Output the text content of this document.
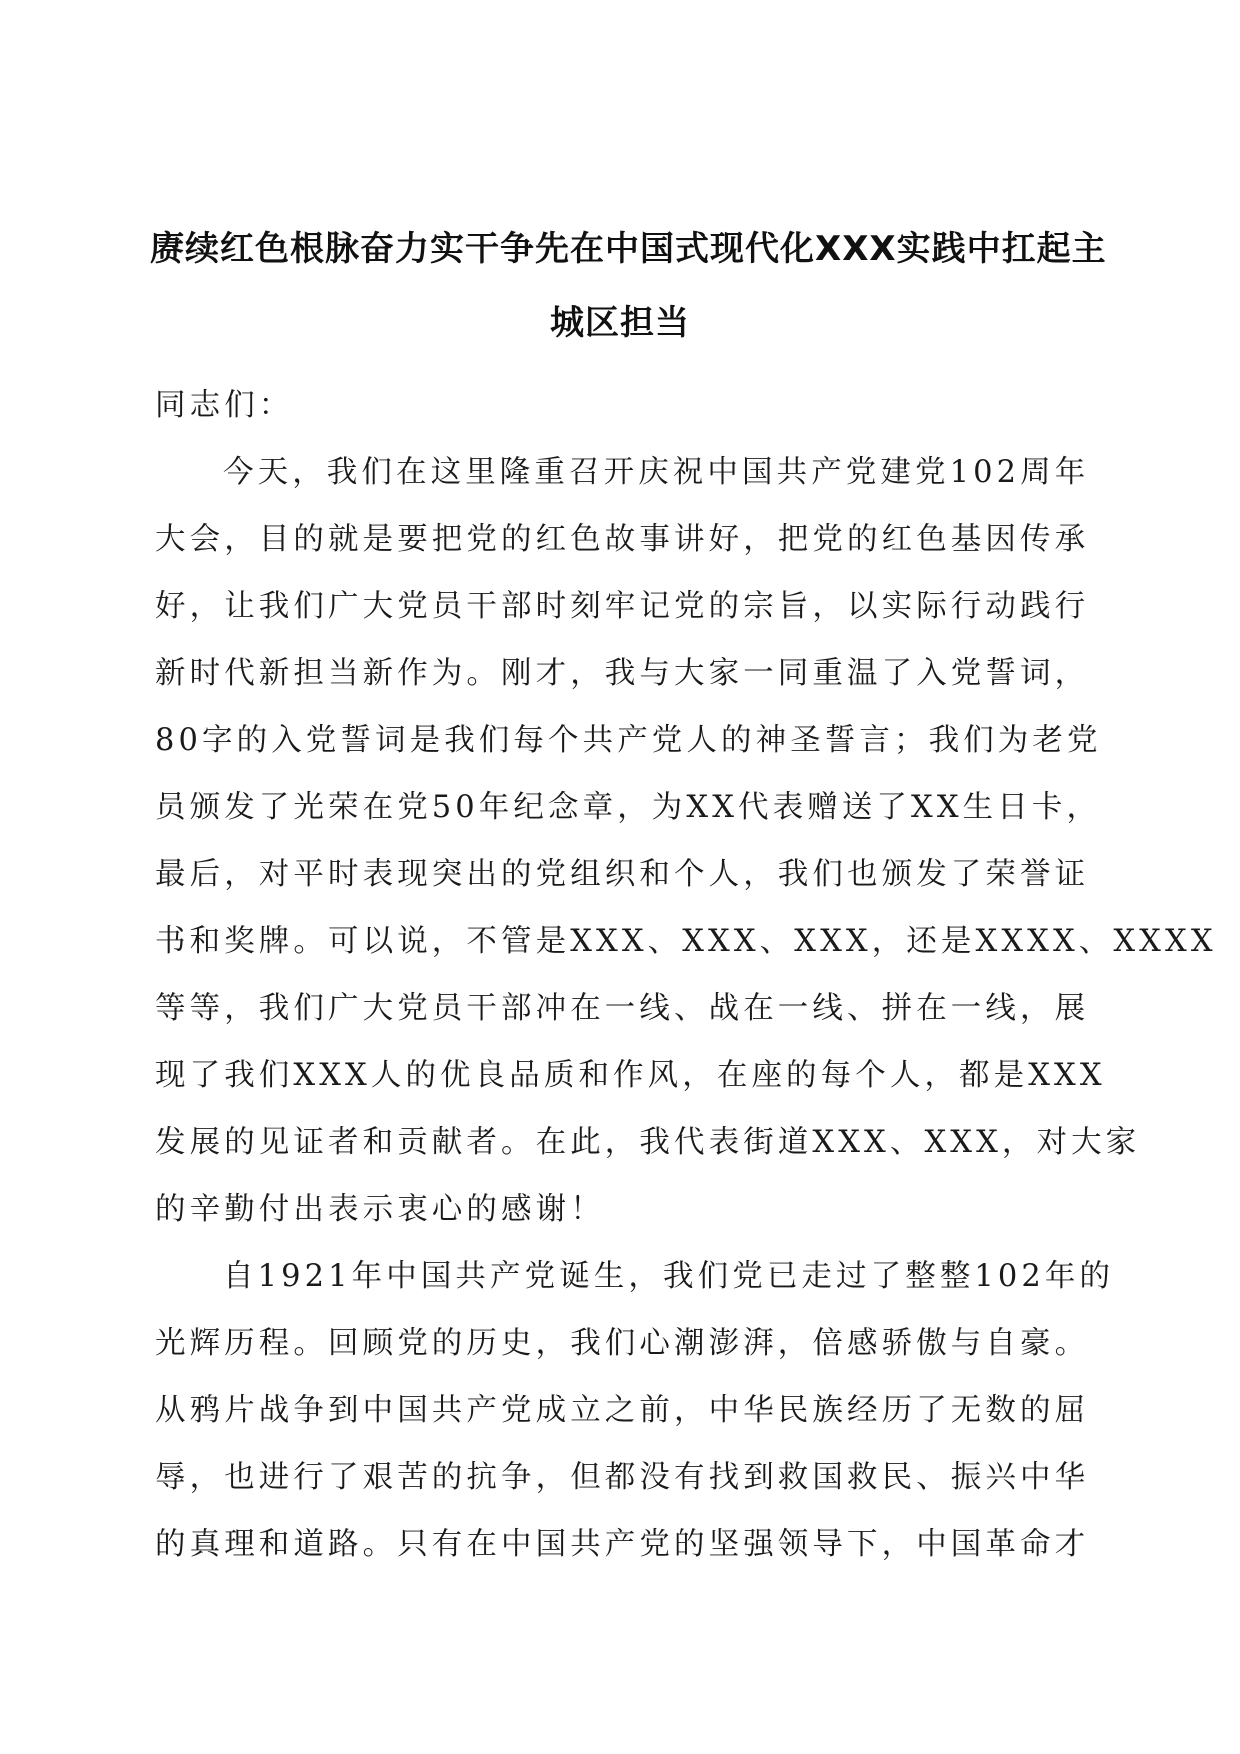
赓续红色根脉奋力实干争先在中国式现代化XXX实践中扛起主
城区担当
同志们：
今天，我们在这里隆重召开庆祝中国共产党建党102周年
大会，目的就是要把党的红色故事讲好，把党的红色基因传承
好，让我们广大党员干部时刻牢记党的宗旨，以实际行动践行
新时代新担当新作为。刚才，我与大家一同重温了入党誓词，
80字的入党誓词是我们每个共产党人的神圣誓言；我们为老党
员颁发了光荣在党50年纪念章，为XX代表赠送了XX生日卡，
最后，对平时表现突出的党组织和个人，我们也颁发了荣誉证
书和奖牌。可以说，不管是XXX、XXX、XXX，还是XXXX、XXXX
等等，我们广大党员干部冲在一线、战在一线、拼在一线，展
现了我们XXX人的优良品质和作风，在座的每个人，都是XXX
发展的见证者和贡献者。在此，我代表街道XXX、XXX，对大家
的辛勤付出表示衷心的感谢！
自1921年中国共产党诞生，我们党已走过了整整102年的
光辉历程。回顾党的历史，我们心潮澎湃，倍感骄傲与自豪。
从鸦片战争到中国共产党成立之前，中华民族经历了无数的屈
辱，也进行了艰苦的抗争，但都没有找到救国救民、振兴中华
的真理和道路。只有在中国共产党的坚强领导下，中国革命才
